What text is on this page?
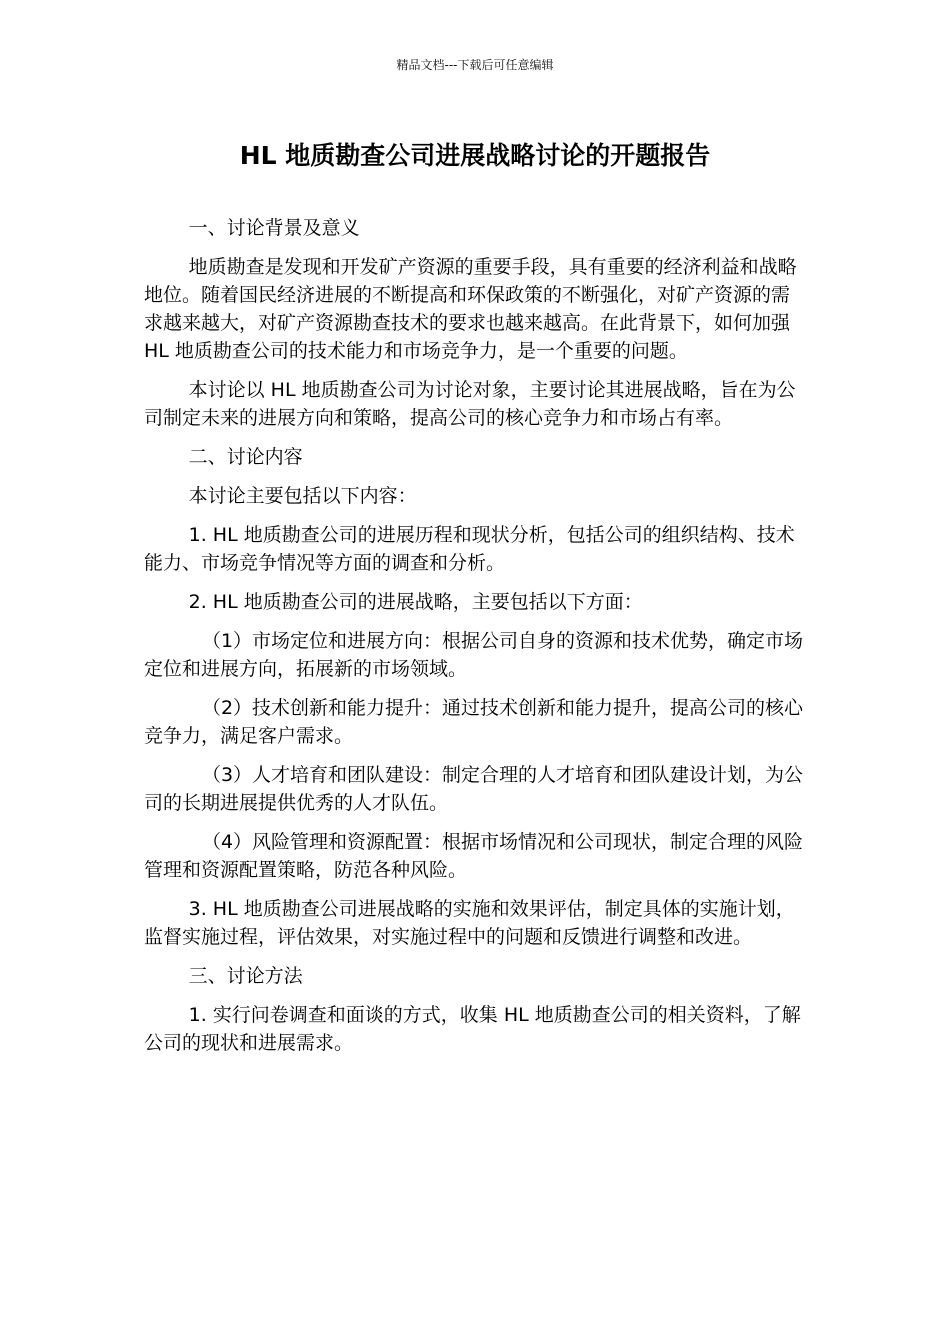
精品文档---下载后可任意编辑
HL 地质勘查公司进展战略讨论的开题报告

一、讨论背景及意义

地质勘查是发现和开发矿产资源的重要手段，具有重要的经济利益和战略地位。随着国民经济进展的不断提高和环保政策的不断强化，对矿产资源的需求越来越大，对矿产资源勘查技术的要求也越来越高。在此背景下，如何加强 HL 地质勘查公司的技术能力和市场竞争力，是一个重要的问题。

本讨论以 HL 地质勘查公司为讨论对象，主要讨论其进展战略，旨在为公司制定未来的进展方向和策略，提高公司的核心竞争力和市场占有率。

二、讨论内容

本讨论主要包括以下内容：

1. HL 地质勘查公司的进展历程和现状分析，包括公司的组织结构、技术能力、市场竞争情况等方面的调查和分析。

2. HL 地质勘查公司的进展战略，主要包括以下方面：

（1）市场定位和进展方向：根据公司自身的资源和技术优势，确定市场定位和进展方向，拓展新的市场领域。

（2）技术创新和能力提升：通过技术创新和能力提升，提高公司的核心竞争力，满足客户需求。

（3）人才培育和团队建设：制定合理的人才培育和团队建设计划，为公司的长期进展提供优秀的人才队伍。

（4）风险管理和资源配置：根据市场情况和公司现状，制定合理的风险管理和资源配置策略，防范各种风险。

3. HL 地质勘查公司进展战略的实施和效果评估，制定具体的实施计划，监督实施过程，评估效果，对实施过程中的问题和反馈进行调整和改进。

三、讨论方法

1. 实行问卷调查和面谈的方式，收集 HL 地质勘查公司的相关资料，了解公司的现状和进展需求。
